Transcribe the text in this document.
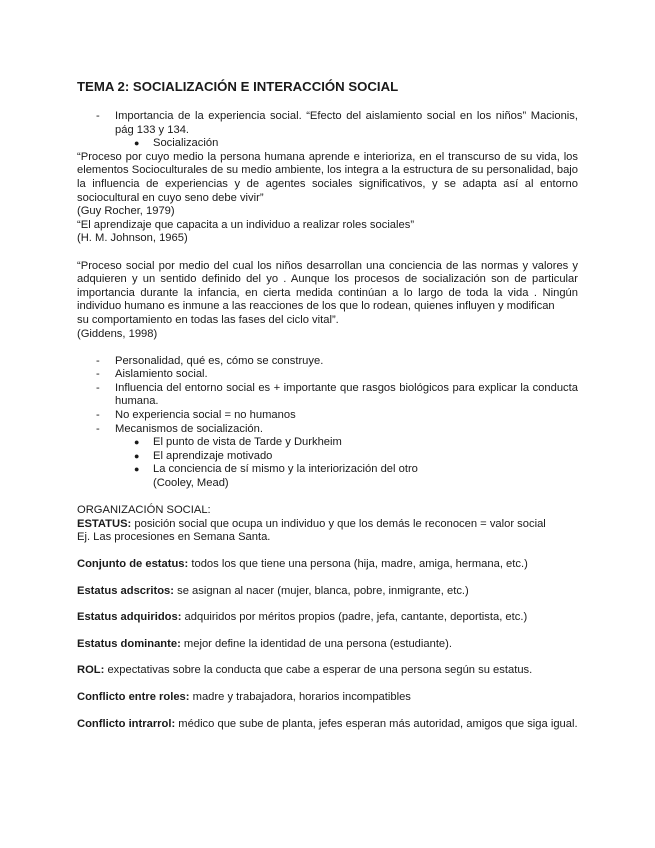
TEMA 2: SOCIALIZACIÓN E INTERACCIÓN SOCIAL
- Importancia de la experiencia social. “Efecto del aislamiento social en los niños” Macionis, pág 133 y 134.
● Socialización

“Proceso por cuyo medio la persona humana aprende e interioriza, en el transcurso de su vida, los elementos Socioculturales de su medio ambiente, los integra a la estructura de su personalidad, bajo la influencia de experiencias y de agentes sociales significativos, y se adapta así al entorno sociocultural en cuyo seno debe vivir”

(Guy Rocher, 1979)

“El aprendizaje que capacita a un individuo a realizar roles sociales”

(H. M. Johnson, 1965)

“Proceso social por medio del cual los niños desarrollan una conciencia de las normas y valores y adquieren y un sentido definido del yo . Aunque los procesos de socialización son de particular importancia durante la infancia, en cierta medida continúan a lo largo de toda la vida . Ningún individuo humano es inmune a las reacciones de los que lo rodean, quienes influyen y modifican

su comportamiento en todas las fases del ciclo vital”.

(Giddens, 1998)

- Personalidad, qué es, cómo se construye.
- Aislamiento social.
- Influencia del entorno social es + importante que rasgos biológicos para explicar la conducta humana.
- No experiencia social = no humanos
- Mecanismos de socialización.
● El punto de vista de Tarde y Durkheim
● El aprendizaje motivado
● La conciencia de sí mismo y la interiorización del otro
(Cooley, Mead)

ORGANIZACIÓN SOCIAL:

ESTATUS: posición social que ocupa un individuo y que los demás le reconocen = valor social

Ej. Las procesiones en Semana Santa.

Conjunto de estatus: todos los que tiene una persona (hija, madre, amiga, hermana, etc.)

Estatus adscritos: se asignan al nacer (mujer, blanca, pobre, inmigrante, etc.)

Estatus adquiridos: adquiridos por méritos propios (padre, jefa, cantante, deportista, etc.)

Estatus dominante: mejor define la identidad de una persona (estudiante).

ROL: expectativas sobre la conducta que cabe a esperar de una persona según su estatus.

Conflicto entre roles: madre y trabajadora, horarios incompatibles

Conflicto intrarrol: médico que sube de planta, jefes esperan más autoridad, amigos que siga igual.
